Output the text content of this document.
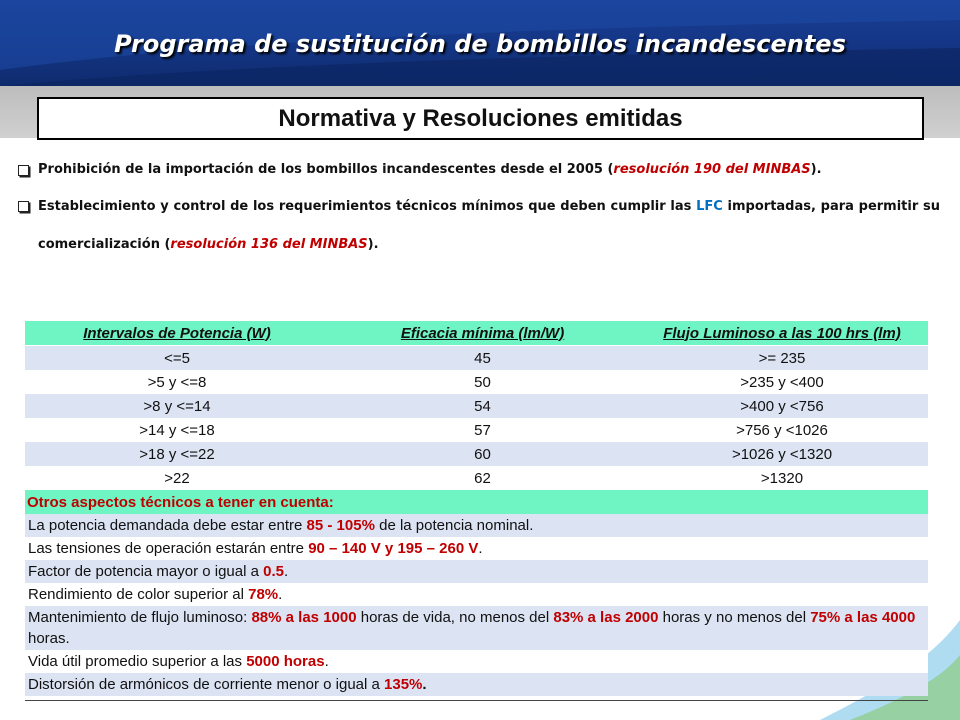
Programa de sustitución de bombillos incandescentes
Normativa y Resoluciones emitidas
Prohibición de la importación de los bombillos incandescentes desde el 2005 (resolución 190 del MINBAS).
Establecimiento y control de los requerimientos técnicos mínimos que deben cumplir las LFC importadas, para permitir su comercialización (resolución 136 del MINBAS).
Intervalos de Potencia (W)	Eficacia mínima (lm/W)	Flujo Luminoso a las 100 hrs (lm)
<=5	45	>= 235
>5 y <=8	50	>235 y <400
>8 y <=14	54	>400 y <756
>14 y <=18	57	>756 y <1026
>18 y <=22	60	>1026 y <1320
>22	62	>1320
Otros aspectos técnicos a tener en cuenta:		
La potencia demandada debe estar entre 85 - 105% de la potencia nominal.		
Las tensiones de operación estarán entre 90 – 140 V y 195 – 260 V.		
Factor de potencia mayor o igual a 0.5.		
Rendimiento de color superior al 78%.		
Mantenimiento de flujo luminoso: 88% a las 1000 horas de vida, no menos del 83% a las 2000 horas y no menos del 75% a las 4000 horas.		
Vida útil promedio superior a las 5000 horas.		
Distorsión de armónicos de corriente menor o igual a 135%.		
